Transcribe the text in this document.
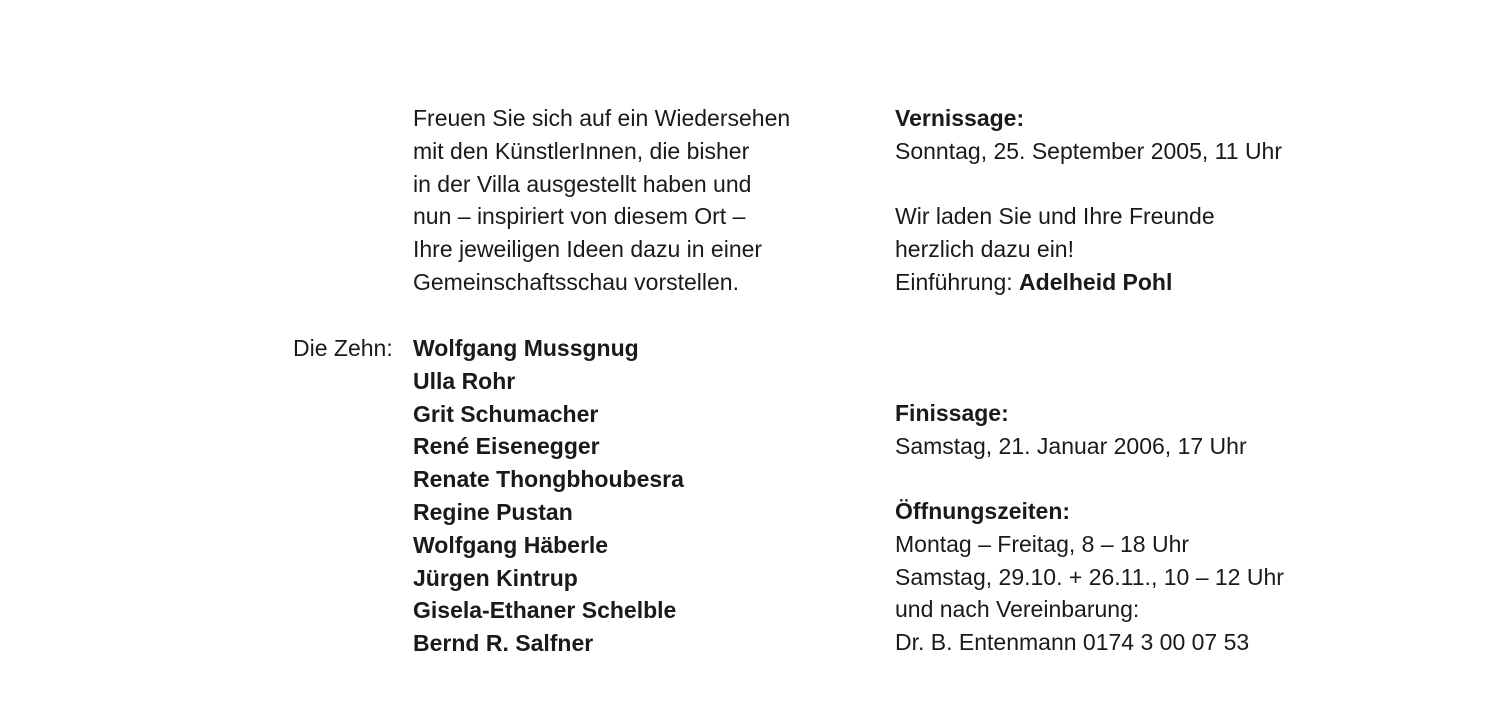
Freuen Sie sich auf ein Wiedersehen
mit den KünstlerInnen, die bisher
in der Villa ausgestellt haben und
nun – inspiriert von diesem Ort –
Ihre jeweiligen Ideen dazu in einer
Gemeinschaftsschau vorstellen.
Die Zehn: Wolfgang Mussgnug
Ulla Rohr
Grit Schumacher
René Eisenegger
Renate Thongbhoubesra
Regine Pustan
Wolfgang Häberle
Jürgen Kintrup
Gisela-Ethaner Schelble
Bernd R. Salfner
Vernissage:
Sonntag, 25. September 2005, 11 Uhr
Wir laden Sie und Ihre Freunde
herzlich dazu ein!
Einführung: Adelheid Pohl
Finissage:
Samstag, 21. Januar 2006, 17 Uhr
Öffnungszeiten:
Montag – Freitag, 8 – 18 Uhr
Samstag, 29.10. + 26.11., 10 – 12 Uhr
und nach Vereinbarung:
Dr. B. Entenmann 0174 3 00 07 53
